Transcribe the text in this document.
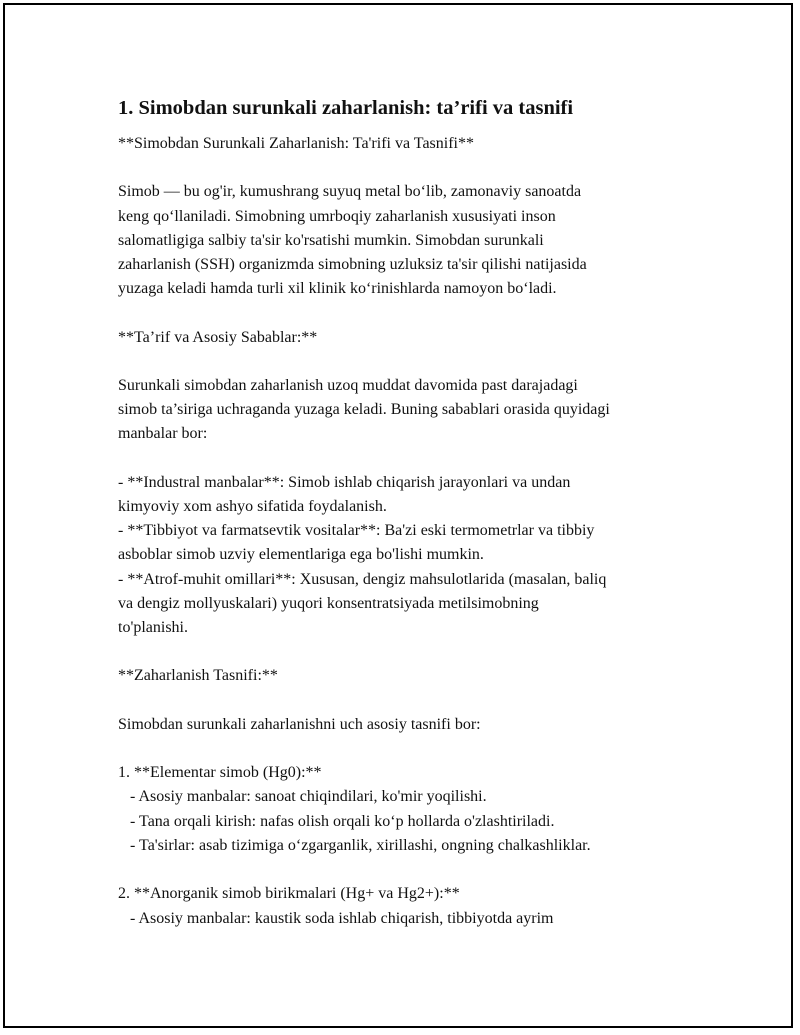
1. Simobdan surunkali zaharlanish: ta’rifi va tasnifi
**Simobdan Surunkali Zaharlanish: Ta'rifi va Tasnifi**

Simob — bu og'ir, kumushrang suyuq metal bo‘lib, zamonaviy sanoatda
keng qo‘llaniladi. Simobning umrboqiy zaharlanish xususiyati inson
salomatligiga salbiy ta'sir ko'rsatishi mumkin. Simobdan surunkali
zaharlanish (SSH) organizmda simobning uzluksiz ta'sir qilishi natijasida
yuzaga keladi hamda turli xil klinik ko‘rinishlarda namoyon bo‘ladi.

**Ta’rif va Asosiy Sabablar:**

Surunkali simobdan zaharlanish uzoq muddat davomida past darajadagi
simob ta’siriga uchraganda yuzaga keladi. Buning sabablari orasida quyidagi
manbalar bor:

- **Industral manbalar**: Simob ishlab chiqarish jarayonlari va undan
kimyoviy xom ashyo sifatida foydalanish.
- **Tibbiyot va farmatsevtik vositalar**: Ba'zi eski termometrlar va tibbiy
asboblar simob uzviy elementlariga ega bo'lishi mumkin.
- **Atrof-muhit omillari**: Xususan, dengiz mahsulotlarida (masalan, baliq
va dengiz mollyuskalari) yuqori konsentratsiyada metilsimobning
to'planishi.

**Zaharlanish Tasnifi:**

Simobdan surunkali zaharlanishni uch asosiy tasnifi bor:

1. **Elementar simob (Hg0):**
- Asosiy manbalar: sanoat chiqindilari, ko'mir yoqilishi.
- Tana orqali kirish: nafas olish orqali ko‘p hollarda o'zlashtiriladi.
- Ta'sirlar: asab tizimiga o‘zgarganlik, xirillashi, ongning chalkashliklar.

2. **Anorganik simob birikmalari (Hg+ va Hg2+):**
- Asosiy manbalar: kaustik soda ishlab chiqarish, tibbiyotda ayrim
